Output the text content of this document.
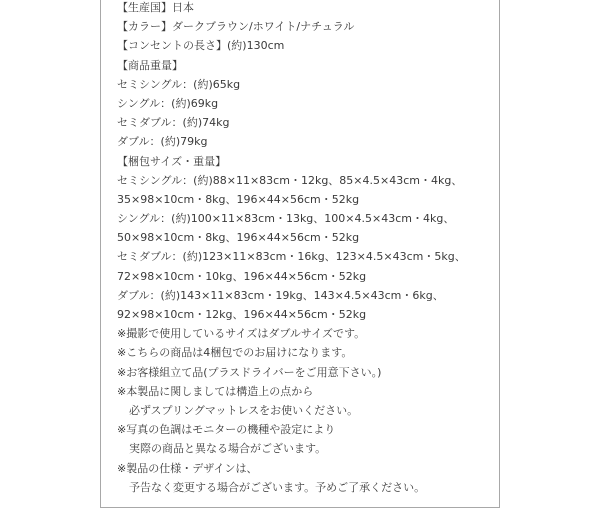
【生産国】日本
【カラー】ダークブラウン/ホワイト/ナチュラル
【コンセントの長さ】(約)130cm
【商品重量】
セミシングル：(約)65kg
シングル：(約)69kg
セミダブル：(約)74kg
ダブル：(約)79kg
【梱包サイズ・重量】
セミシングル：(約)88×11×83cm・12kg、85×4.5×43cm・4kg、
35×98×10cm・8kg、196×44×56cm・52kg
シングル：(約)100×11×83cm・13kg、100×4.5×43cm・4kg、
50×98×10cm・8kg、196×44×56cm・52kg
セミダブル：(約)123×11×83cm・16kg、123×4.5×43cm・5kg、
72×98×10cm・10kg、196×44×56cm・52kg
ダブル：(約)143×11×83cm・19kg、143×4.5×43cm・6kg、
92×98×10cm・12kg、196×44×56cm・52kg
※撮影で使用しているサイズはダブルサイズです。
※こちらの商品は4梱包でのお届けになります。
※お客様組立て品(プラスドライバーをご用意下さい。)
※本製品に関しましては構造上の点から
必ずスプリングマットレスをお使いください。
※写真の色調はモニターの機種や設定により
実際の商品と異なる場合がございます。
※製品の仕様・デザインは、
予告なく変更する場合がございます。予めご了承ください。
